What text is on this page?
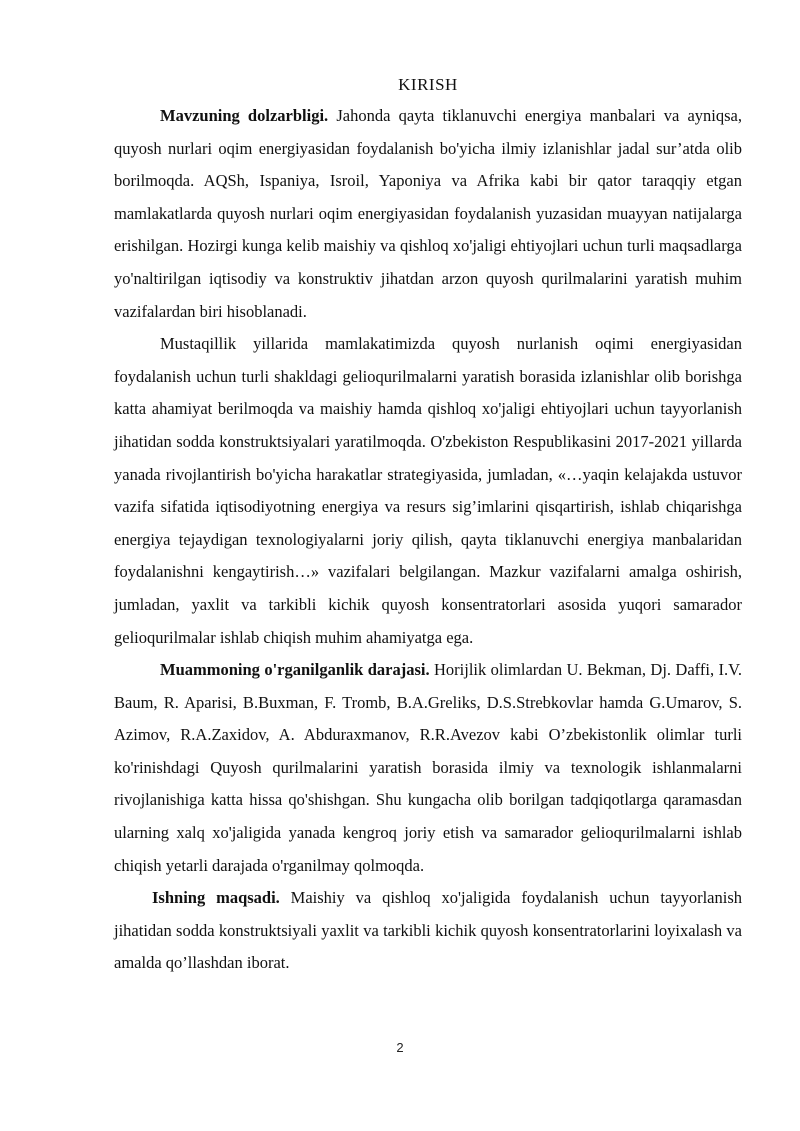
KIRISH

Mavzuning dolzarbligi. Jahonda qayta tiklanuvchi energiya manbalari va ayniqsa, quyosh nurlari oqim energiyasidan foydalanish bo'yicha ilmiy izlanishlar jadal sur’atda olib borilmoqda. AQSh, Ispaniya, Isroil, Yaponiya va Afrika kabi bir qator taraqqiy etgan mamlakatlarda quyosh nurlari oqim energiyasidan foydalanish yuzasidan muayyan natijalarga erishilgan. Hozirgi kunga kelib maishiy va qishloq xo'jaligi ehtiyojlari uchun turli maqsadlarga yo'naltirilgan iqtisodiy va konstruktiv jihatdan arzon quyosh qurilmalarini yaratish muhim vazifalardan biri hisoblanadi.

Mustaqillik yillarida mamlakatimizda quyosh nurlanish oqimi energiyasidan foydalanish uchun turli shakldagi gelioqurilmalarni yaratish borasida izlanishlar olib borishga katta ahamiyat berilmoqda va maishiy hamda qishloq xo'jaligi ehtiyojlari uchun tayyorlanish jihatidan sodda konstruktsiyalari yaratilmoqda. O'zbekiston Respublikasini 2017-2021 yillarda yanada rivojlantirish bo'yicha harakatlar strategiyasida, jumladan, «…yaqin kelajakda ustuvor vazifa sifatida iqtisodiyotning energiya va resurs sig’imlarini qisqartirish, ishlab chiqarishga energiya tejaydigan texnologiyalarni joriy qilish, qayta tiklanuvchi energiya manbalaridan foydalanishni kengaytirish…» vazifalari belgilangan. Mazkur vazifalarni amalga oshirish, jumladan, yaxlit va tarkibli kichik quyosh konsentratorlari asosida yuqori samarador gelioqurilmalar ishlab chiqish muhim ahamiyatga ega.

Muammoning o'rganilganlik darajasi. Horijlik olimlardan U. Bekman, Dj. Daffi, I.V. Baum, R. Aparisi, B.Buxman, F. Tromb, B.A.Greliks, D.S.Strebkovlar hamda G.Umarov, S. Azimov, R.A.Zaxidov, A. Abduraxmanov, R.R.Avezov kabi O’zbekistonlik olimlar turli ko'rinishdagi Quyosh qurilmalarini yaratish borasida ilmiy va texnologik ishlanmalarni rivojlanishiga katta hissa qo'shishgan. Shu kungacha olib borilgan tadqiqotlarga qaramasdan ularning xalq xo'jaligida yanada kengroq joriy etish va samarador gelioqurilmalarni ishlab chiqish yetarli darajada o'rganilmay qolmoqda.

Ishning maqsadi. Maishiy va qishloq xo'jaligida foydalanish uchun tayyorlanish jihatidan sodda konstruktsiyali yaxlit va tarkibli kichik quyosh konsentratorlarini loyixalash va amalda qo’llashdan iborat.

2
